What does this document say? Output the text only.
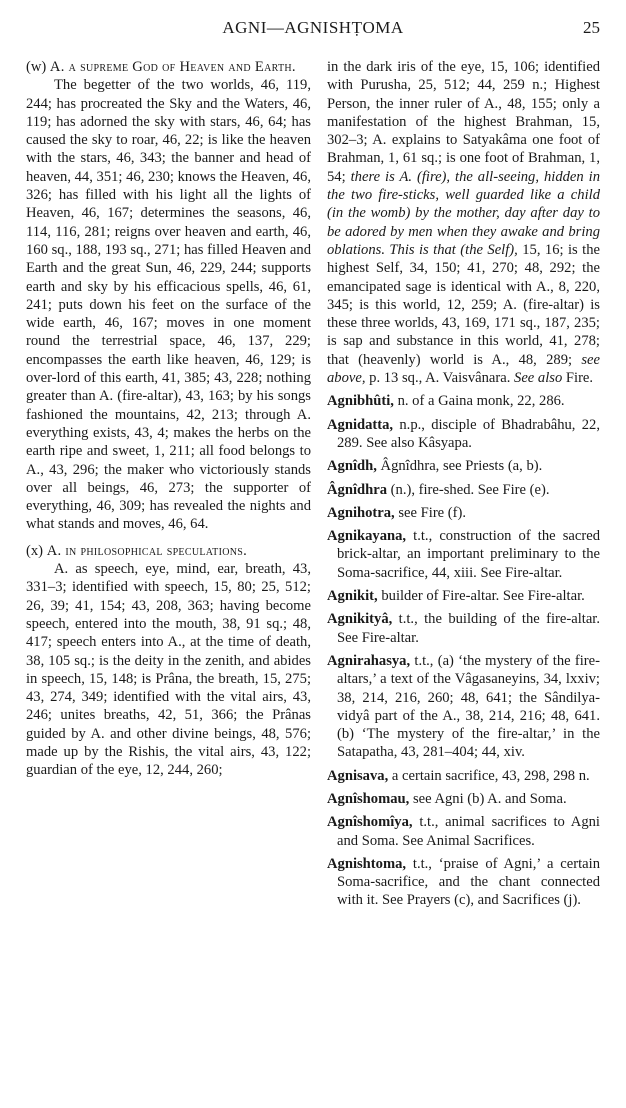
AGNI—AGNISHṬOMA	25

(w) A. a supreme God of Heaven and Earth.

The begetter of the two worlds, 46, 119, 244; has procreated the Sky and the Waters, 46, 119; has adorned the sky with stars, 46, 64; has caused the sky to roar, 46, 22; is like the heaven with the stars, 46, 343; the banner and head of heaven, 44, 351; 46, 230; knows the Heaven, 46, 326; has filled with his light all the lights of Heaven, 46, 167; determines the seasons, 46, 114, 116, 281; reigns over heaven and earth, 46, 160 sq., 188, 193 sq., 271; has filled Heaven and Earth and the great Sun, 46, 229, 244; supports earth and sky by his efficacious spells, 46, 61, 241; puts down his feet on the surface of the wide earth, 46, 167; moves in one moment round the terrestrial space, 46, 137, 229; encompasses the earth like heaven, 46, 129; is over-lord of this earth, 41, 385; 43, 228; nothing greater than A. (fire-altar), 43, 163; by his songs fashioned the mountains, 42, 213; through A. everything exists, 43, 4; makes the herbs on the earth ripe and sweet, 1, 211; all food belongs to A., 43, 296; the maker who victoriously stands over all beings, 46, 273; the supporter of everything, 46, 309; has revealed the nights and what stands and moves, 46, 64.

(x) A. in philosophical speculations.

A. as speech, eye, mind, ear, breath, 43, 331–3; identified with speech, 15, 80; 25, 512; 26, 39; 41, 154; 43, 208, 363; having become speech, entered into the mouth, 38, 91 sq.; 48, 417; speech enters into A., at the time of death, 38, 105 sq.; is the deity in the zenith, and abides in speech, 15, 148; is Prâna, the breath, 15, 275; 43, 274, 349; identified with the vital airs, 43, 246; unites breaths, 42, 51, 366; the Prânas guided by A. and other divine beings, 48, 576; made up by the Rishis, the vital airs, 43, 122; guardian of the eye, 12, 244, 260;

in the dark iris of the eye, 15, 106; identified with Purusha, 25, 512; 44, 259 n.; Highest Person, the inner ruler of A., 48, 155; only a manifestation of the highest Brahman, 15, 302–3; A. explains to Satyakâma one foot of Brahman, 1, 61 sq.; is one foot of Brahman, 1, 54; there is A. (fire), the all-seeing, hidden in the two fire-sticks, well guarded like a child (in the womb) by the mother, day after day to be adored by men when they awake and bring oblations. This is that (the Self), 15, 16; is the highest Self, 34, 150; 41, 270; 48, 292; the emancipated sage is identical with A., 8, 220, 345; is this world, 12, 259; A. (fire-altar) is these three worlds, 43, 169, 171 sq., 187, 235; is sap and substance in this world, 41, 278; that (heavenly) world is A., 48, 289; see above, p. 13 sq., A. Vaisvânara. See also Fire.

Agnibhûti, n. of a Gaina monk, 22, 286.

Agnidatta, n.p., disciple of Bhadrabâhu, 22, 289. See also Kâsyapa.

Agnîdh, Âgnîdhra, see Priests (a, b).

Âgnîdhra (n.), fire-shed. See Fire (e).

Agnihotra, see Fire (f).

Agnikayana, t.t., construction of the sacred brick-altar, an important preliminary to the Soma-sacrifice, 44, xiii. See Fire-altar.

Agnikit, builder of Fire-altar. See Fire-altar.

Agnikityâ, t.t., the building of the fire-altar. See Fire-altar.

Agnirahasya, t.t., (a) ‘the mystery of the fire-altars,’ a text of the Vâgasaneyins, 34, lxxiv; 38, 214, 216, 260; 48, 641; the Sândilya-vidyâ part of the A., 38, 214, 216; 48, 641. (b) ‘The mystery of the fire-altar,’ in the Satapatha, 43, 281–404; 44, xiv.

Agnisava, a certain sacrifice, 43, 298, 298 n.

Agnîshomau, see Agni (b) A. and Soma.

Agnîshomîya, t.t., animal sacrifices to Agni and Soma. See Animal Sacrifices.

Agnishtoma, t.t., ‘praise of Agni,’ a certain Soma-sacrifice, and the chant connected with it. See Prayers (c), and Sacrifices (j).
